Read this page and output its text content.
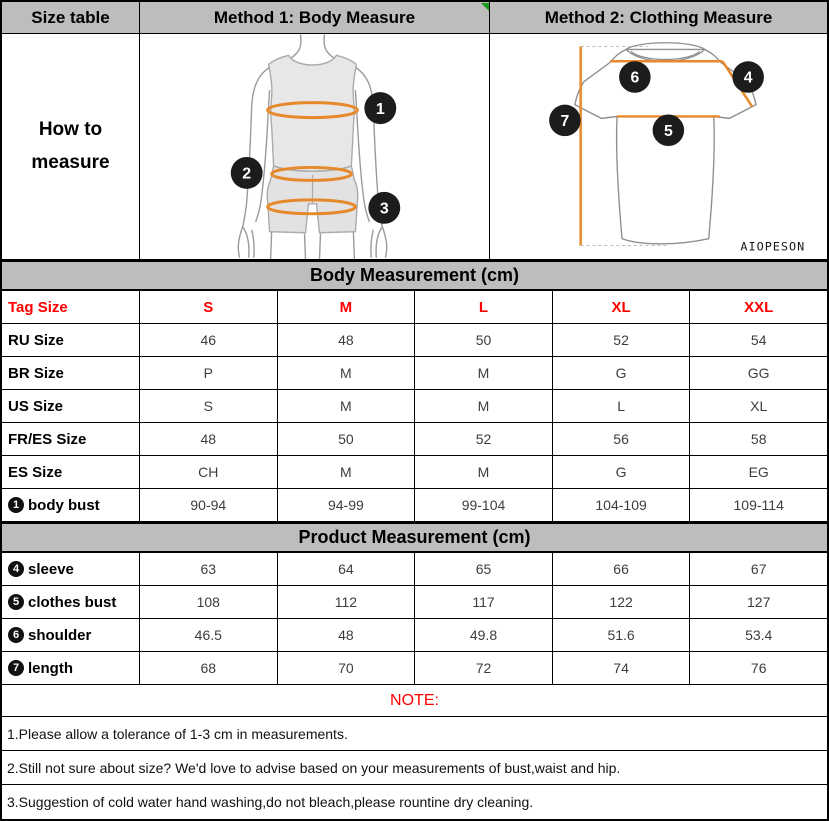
Size table	Method 1: Body Measure	Method 2: Clothing Measure
How to measure
1
2
3
6	4
7
5
AIOPESON
Body Measurement (cm)
Tag Size	S	M	L	XL	XXL
RU Size	46	48	50	52	54
BR Size	P	M	M	G	GG
US Size	S	M	M	L	XL
FR/ES Size	48	50	52	56	58
ES Size	CH	M	M	G	EG
1 body bust	90-94	94-99	99-104	104-109	109-114
Product Measurement (cm)
4 sleeve	63	64	65	66	67
5 clothes bust	108	112	117	122	127
6 shoulder	46.5	48	49.8	51.6	53.4
7 length	68	70	72	74	76
NOTE:
1.Please allow a tolerance of 1-3 cm in measurements.
2.Still not sure about size? We'd love to advise based on your measurements of bust,waist and hip.
3.Suggestion of cold water hand washing,do not bleach,please rountine dry cleaning.
